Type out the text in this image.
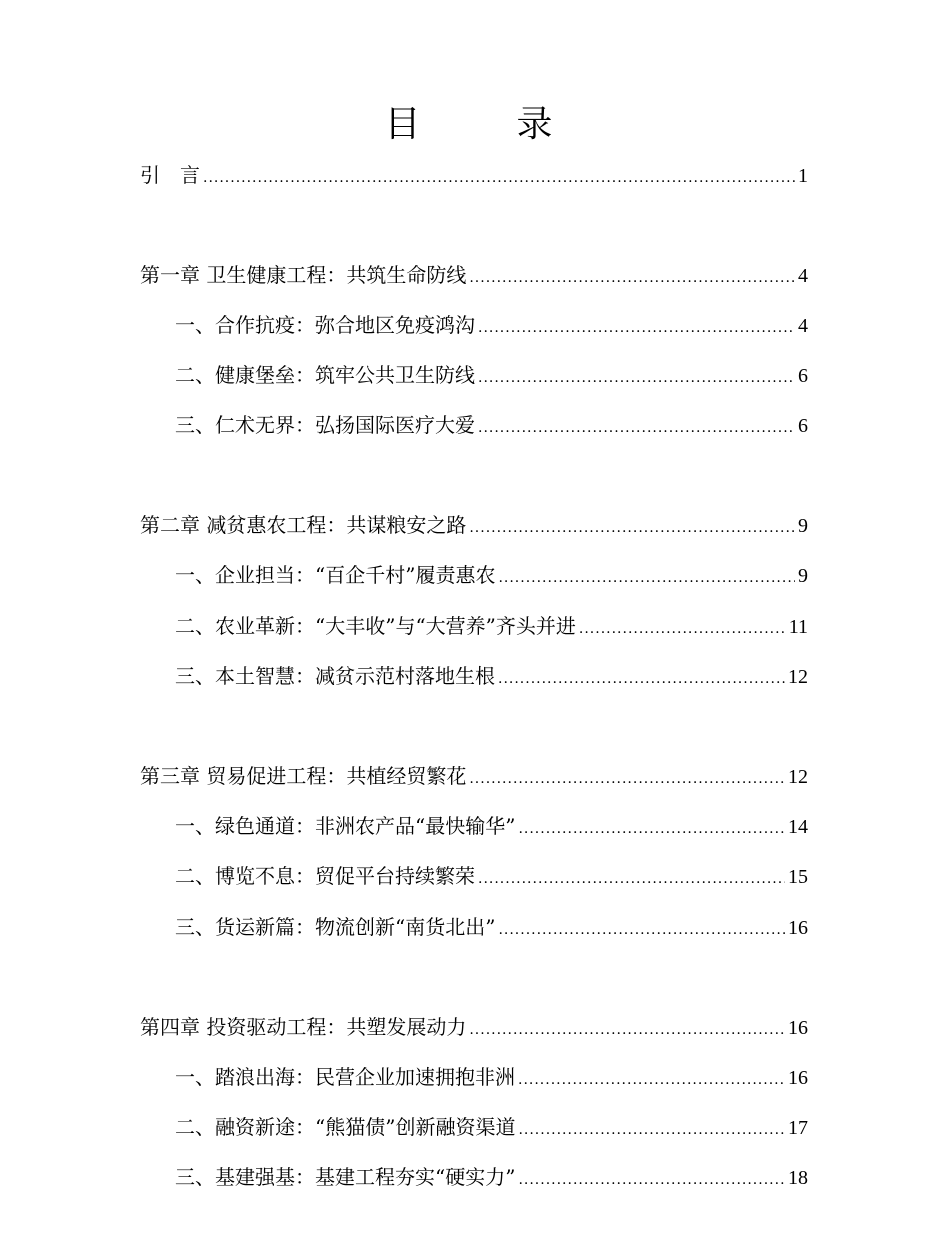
目　录
引　言 .....	1
第一章 卫生健康工程：共筑生命防线 .....	4
一、合作抗疫：弥合地区免疫鸿沟 .....	4
二、健康堡垒：筑牢公共卫生防线 .....	6
三、仁术无界：弘扬国际医疗大爱 .....	6
第二章 减贫惠农工程：共谋粮安之路 .....	9
一、企业担当：“百企千村”履责惠农 .....	9
二、农业革新：“大丰收”与“大营养”齐头并进 .....	11
三、本土智慧：减贫示范村落地生根 .....	12
第三章 贸易促进工程：共植经贸繁花 .....	12
一、绿色通道：非洲农产品“最快输华” .....	14
二、博览不息：贸促平台持续繁荣 .....	15
三、货运新篇：物流创新“南货北出” .....	16
第四章 投资驱动工程：共塑发展动力 .....	16
一、踏浪出海：民营企业加速拥抱非洲 .....	16
二、融资新途：“熊猫债”创新融资渠道 .....	17
三、基建强基：基建工程夯实“硬实力” .....	18
